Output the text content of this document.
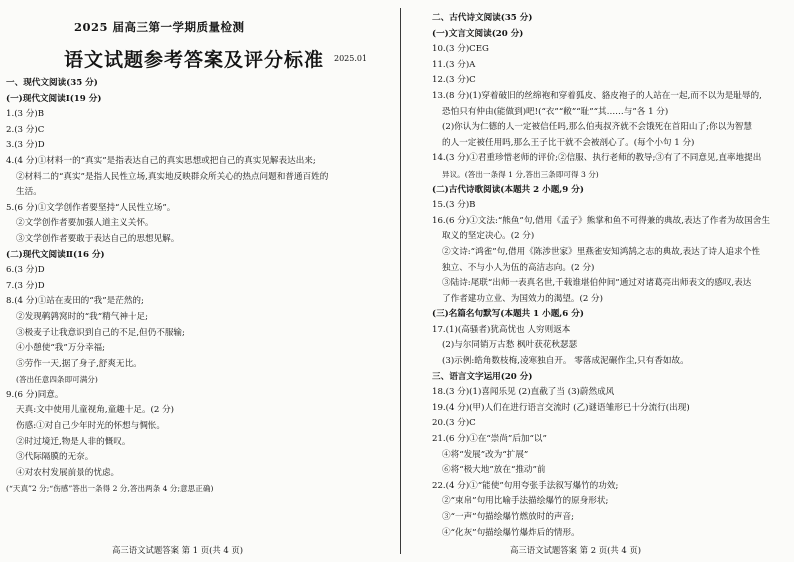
2025 届高三第一学期质量检测
语文试题参考答案及评分标准 2025.01
一、现代文阅读(35 分)
(一)现代文阅读Ⅰ(19 分)
1.(3 分)B
2.(3 分)C
3.(3 分)D
4.(4 分)①材料一的“真实”是指表达自己的真实思想或把自己的真实见解表达出来;
②材料二的“真实”是指人民性立场,真实地反映群众所关心的热点问题和普通百姓的
生活。
5.(6 分)①文学创作者要坚持“人民性立场”。
②文学创作者要加强人道主义关怀。
③文学创作者要敢于表达自己的思想见解。
(二)现代文阅读Ⅱ(16 分)
6.(3 分)D
7.(3 分)D
8.(4 分)①站在麦田的“我”是茫然的;
②发现鹌鹑窝时的“我”精气神十足;
③极麦子让我意识到自己的不足,但仍不服输;
④小憩使“我”万分幸福;
⑤劳作一天,据了身子,舒爽无比。
(答出任意四条即可满分)
9.(6 分)同意。
天真:文中使用儿童视角,童趣十足。(2 分)
伤感:①对自己少年时光的怀想与惆怅。
②时过境迁,物是人非的慨叹。
③代际隔膜的无奈。
④对农村发展前景的忧虑。
(“天真”2 分;“伤感”答出一条得 2 分,答出两条 4 分;意思正确)
二、古代诗文阅读(35 分)
(一)文言文阅读(20 分)
10.(3 分)CEG
11.(3 分)A
12.(3 分)C
13.(8 分)(1)穿着破旧的丝绵袍和穿着狐皮、貉皮袍子的人站在一起,而不以为是耻辱的,
恐怕只有仲由(能做到)吧!(“衣”“敝”“耻”“其……与”各 1 分)
(2)你认为仁德的人一定被信任吗,那么伯夷叔齐就不会饿死在首阳山了;你以为智慧
的人一定被任用吗,那么王子比干就不会被剖心了。(每个小句 1 分)
14.(3 分)①君重珍惜老师的评价;②信服、执行老师的教导;③有了不同意见,直率地提出
异议。(答出一条得 1 分,答出三条即可得 3 分)
(二)古代诗歌阅读(本题共 2 小题,9 分)
15.(3 分)B
16.(6 分)①文法:“熊鱼”句,借用《孟子》熊掌和鱼不可得兼的典故,表达了作者为故国舍生
取义的坚定决心。(2 分)
②文诗:“鸿雀”句,借用《陈涉世家》里燕雀安知鸿鹄之志的典故,表达了诗人追求个性
独立、不与小人为伍的高洁志向。(2 分)
③陆诗:尾联“出师一表真名世,千载谁堪伯仲间”通过对诸葛亮出师表文的感叹,表达
了作者建功立业、为国效力的渴望。(2 分)
(三)名篇名句默写(本题共 1 小题,6 分)
17.(1)(高骚者)犹高忧也 人穷则返本
(2)与尔同销万古愁 枫叶获花秋瑟瑟
(3)示例:皓角数枝梅,凌寒独自开。 零落成泥碾作尘,只有香如故。
三、语言文字运用(20 分)
18.(3 分)(1)喜闻乐见 (2)直截了当 (3)蔚然成风
19.(4 分)(甲)人们在进行语言交流时 (乙)谜语雏形已十分流行(出现)
20.(3 分)C
21.(6 分)①在“崇尚”后加“以”
④将“发展”改为“扩展”
⑥将“极大地”放在“推动”前
22.(4 分)①“能使”句用夸张手法叙写爆竹的功效;
②“束帛”句用比喻手法描绘爆竹的原身形状;
③“一声”句描绘爆竹燃放时的声音;
④“化灰”句描绘爆竹爆炸后的情形。
高三语文试题答案 第 1 页(共 4 页)	高三语文试题答案 第 2 页(共 4 页)
